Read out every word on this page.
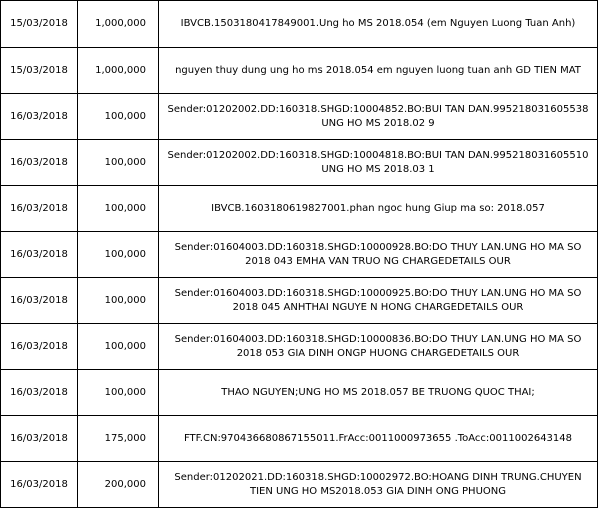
15/03/2018	1,000,000	IBVCB.1503180417849001.Ung ho MS 2018.054 (em Nguyen Luong Tuan Anh)
15/03/2018	1,000,000	nguyen thuy dung ung ho ms 2018.054 em nguyen luong tuan anh GD TIEN MAT
16/03/2018	100,000	Sender:01202002.DD:160318.SHGD:10004852.BO:BUI TAN DAN.995218031605538 UNG HO MS 2018.02 9
16/03/2018	100,000	Sender:01202002.DD:160318.SHGD:10004818.BO:BUI TAN DAN.995218031605510 UNG HO MS 2018.03 1
16/03/2018	100,000	IBVCB.1603180619827001.phan ngoc hung Giup ma so: 2018.057
16/03/2018	100,000	Sender:01604003.DD:160318.SHGD:10000928.BO:DO THUY LAN.UNG HO MA SO 2018 043 EMHA VAN TRUO NG CHARGEDETAILS OUR
16/03/2018	100,000	Sender:01604003.DD:160318.SHGD:10000925.BO:DO THUY LAN.UNG HO MA SO 2018 045 ANHTHAI NGUYE N HONG CHARGEDETAILS OUR
16/03/2018	100,000	Sender:01604003.DD:160318.SHGD:10000836.BO:DO THUY LAN.UNG HO MA SO 2018 053 GIA DINH ONGP HUONG CHARGEDETAILS OUR
16/03/2018	100,000	THAO NGUYEN;UNG HO MS 2018.057 BE TRUONG QUOC THAI;
16/03/2018	175,000	FTF.CN:970436680867155011.FrAcc:0011000973655 .ToAcc:0011002643148
16/03/2018	200,000	Sender:01202021.DD:160318.SHGD:10002972.BO:HOANG DINH TRUNG.CHUYEN TIEN UNG HO MS2018.053 GIA DINH ONG PHUONG
